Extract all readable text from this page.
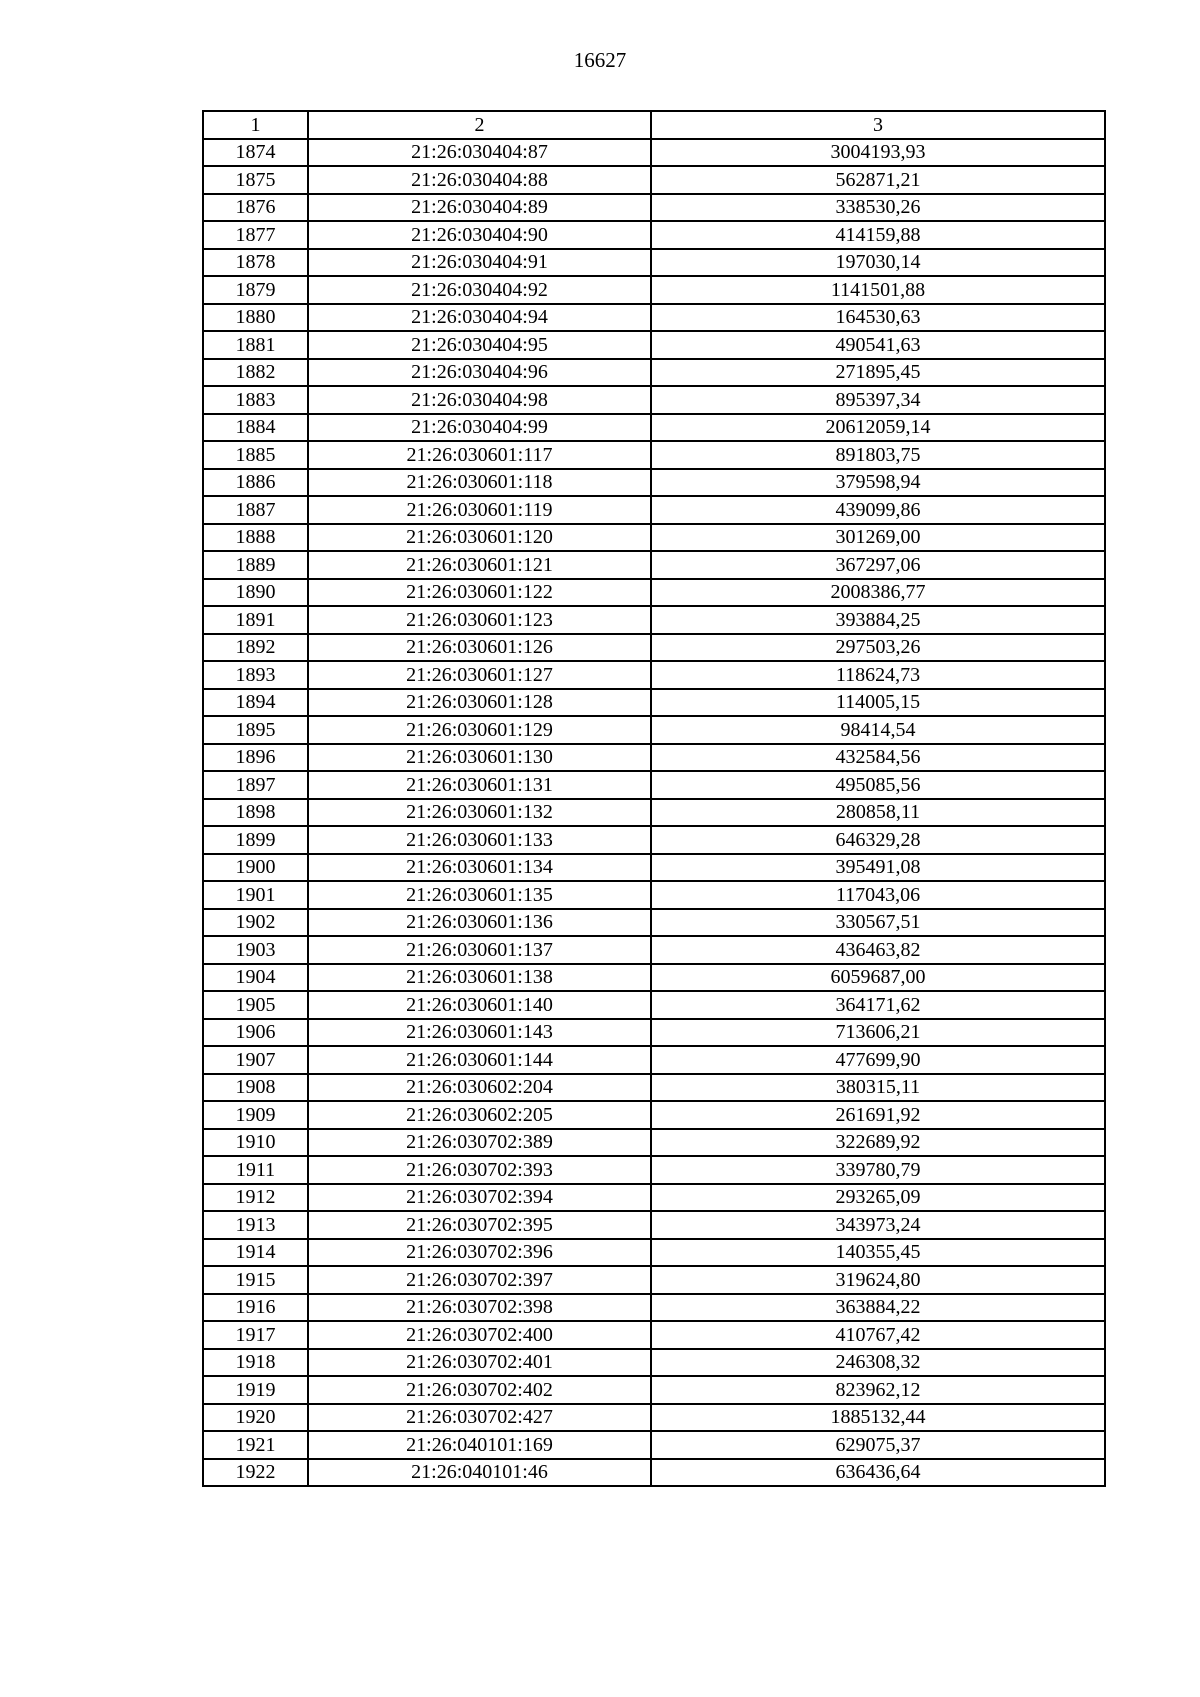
16627
1	2	3
1874	21:26:030404:87	3004193,93
1875	21:26:030404:88	562871,21
1876	21:26:030404:89	338530,26
1877	21:26:030404:90	414159,88
1878	21:26:030404:91	197030,14
1879	21:26:030404:92	1141501,88
1880	21:26:030404:94	164530,63
1881	21:26:030404:95	490541,63
1882	21:26:030404:96	271895,45
1883	21:26:030404:98	895397,34
1884	21:26:030404:99	20612059,14
1885	21:26:030601:117	891803,75
1886	21:26:030601:118	379598,94
1887	21:26:030601:119	439099,86
1888	21:26:030601:120	301269,00
1889	21:26:030601:121	367297,06
1890	21:26:030601:122	2008386,77
1891	21:26:030601:123	393884,25
1892	21:26:030601:126	297503,26
1893	21:26:030601:127	118624,73
1894	21:26:030601:128	114005,15
1895	21:26:030601:129	98414,54
1896	21:26:030601:130	432584,56
1897	21:26:030601:131	495085,56
1898	21:26:030601:132	280858,11
1899	21:26:030601:133	646329,28
1900	21:26:030601:134	395491,08
1901	21:26:030601:135	117043,06
1902	21:26:030601:136	330567,51
1903	21:26:030601:137	436463,82
1904	21:26:030601:138	6059687,00
1905	21:26:030601:140	364171,62
1906	21:26:030601:143	713606,21
1907	21:26:030601:144	477699,90
1908	21:26:030602:204	380315,11
1909	21:26:030602:205	261691,92
1910	21:26:030702:389	322689,92
1911	21:26:030702:393	339780,79
1912	21:26:030702:394	293265,09
1913	21:26:030702:395	343973,24
1914	21:26:030702:396	140355,45
1915	21:26:030702:397	319624,80
1916	21:26:030702:398	363884,22
1917	21:26:030702:400	410767,42
1918	21:26:030702:401	246308,32
1919	21:26:030702:402	823962,12
1920	21:26:030702:427	1885132,44
1921	21:26:040101:169	629075,37
1922	21:26:040101:46	636436,64
